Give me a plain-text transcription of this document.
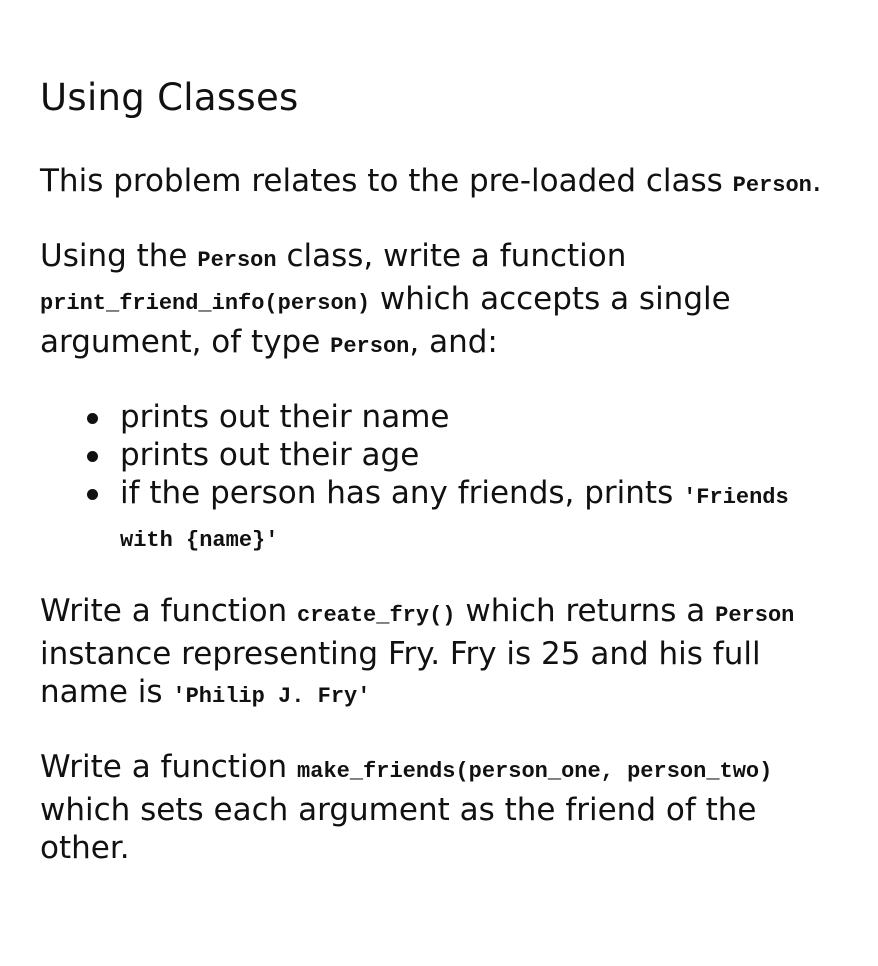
Using Classes

This problem relates to the pre-loaded class Person.

Using the Person class, write a function print_friend_info(person) which accepts a single argument, of type Person, and:

prints out their name
prints out their age
if the person has any friends, prints 'Friends with {name}'

Write a function create_fry() which returns a Person instance representing Fry. Fry is 25 and his full name is 'Philip J. Fry'

Write a function make_friends(person_one, person_two) which sets each argument as the friend of the other.
